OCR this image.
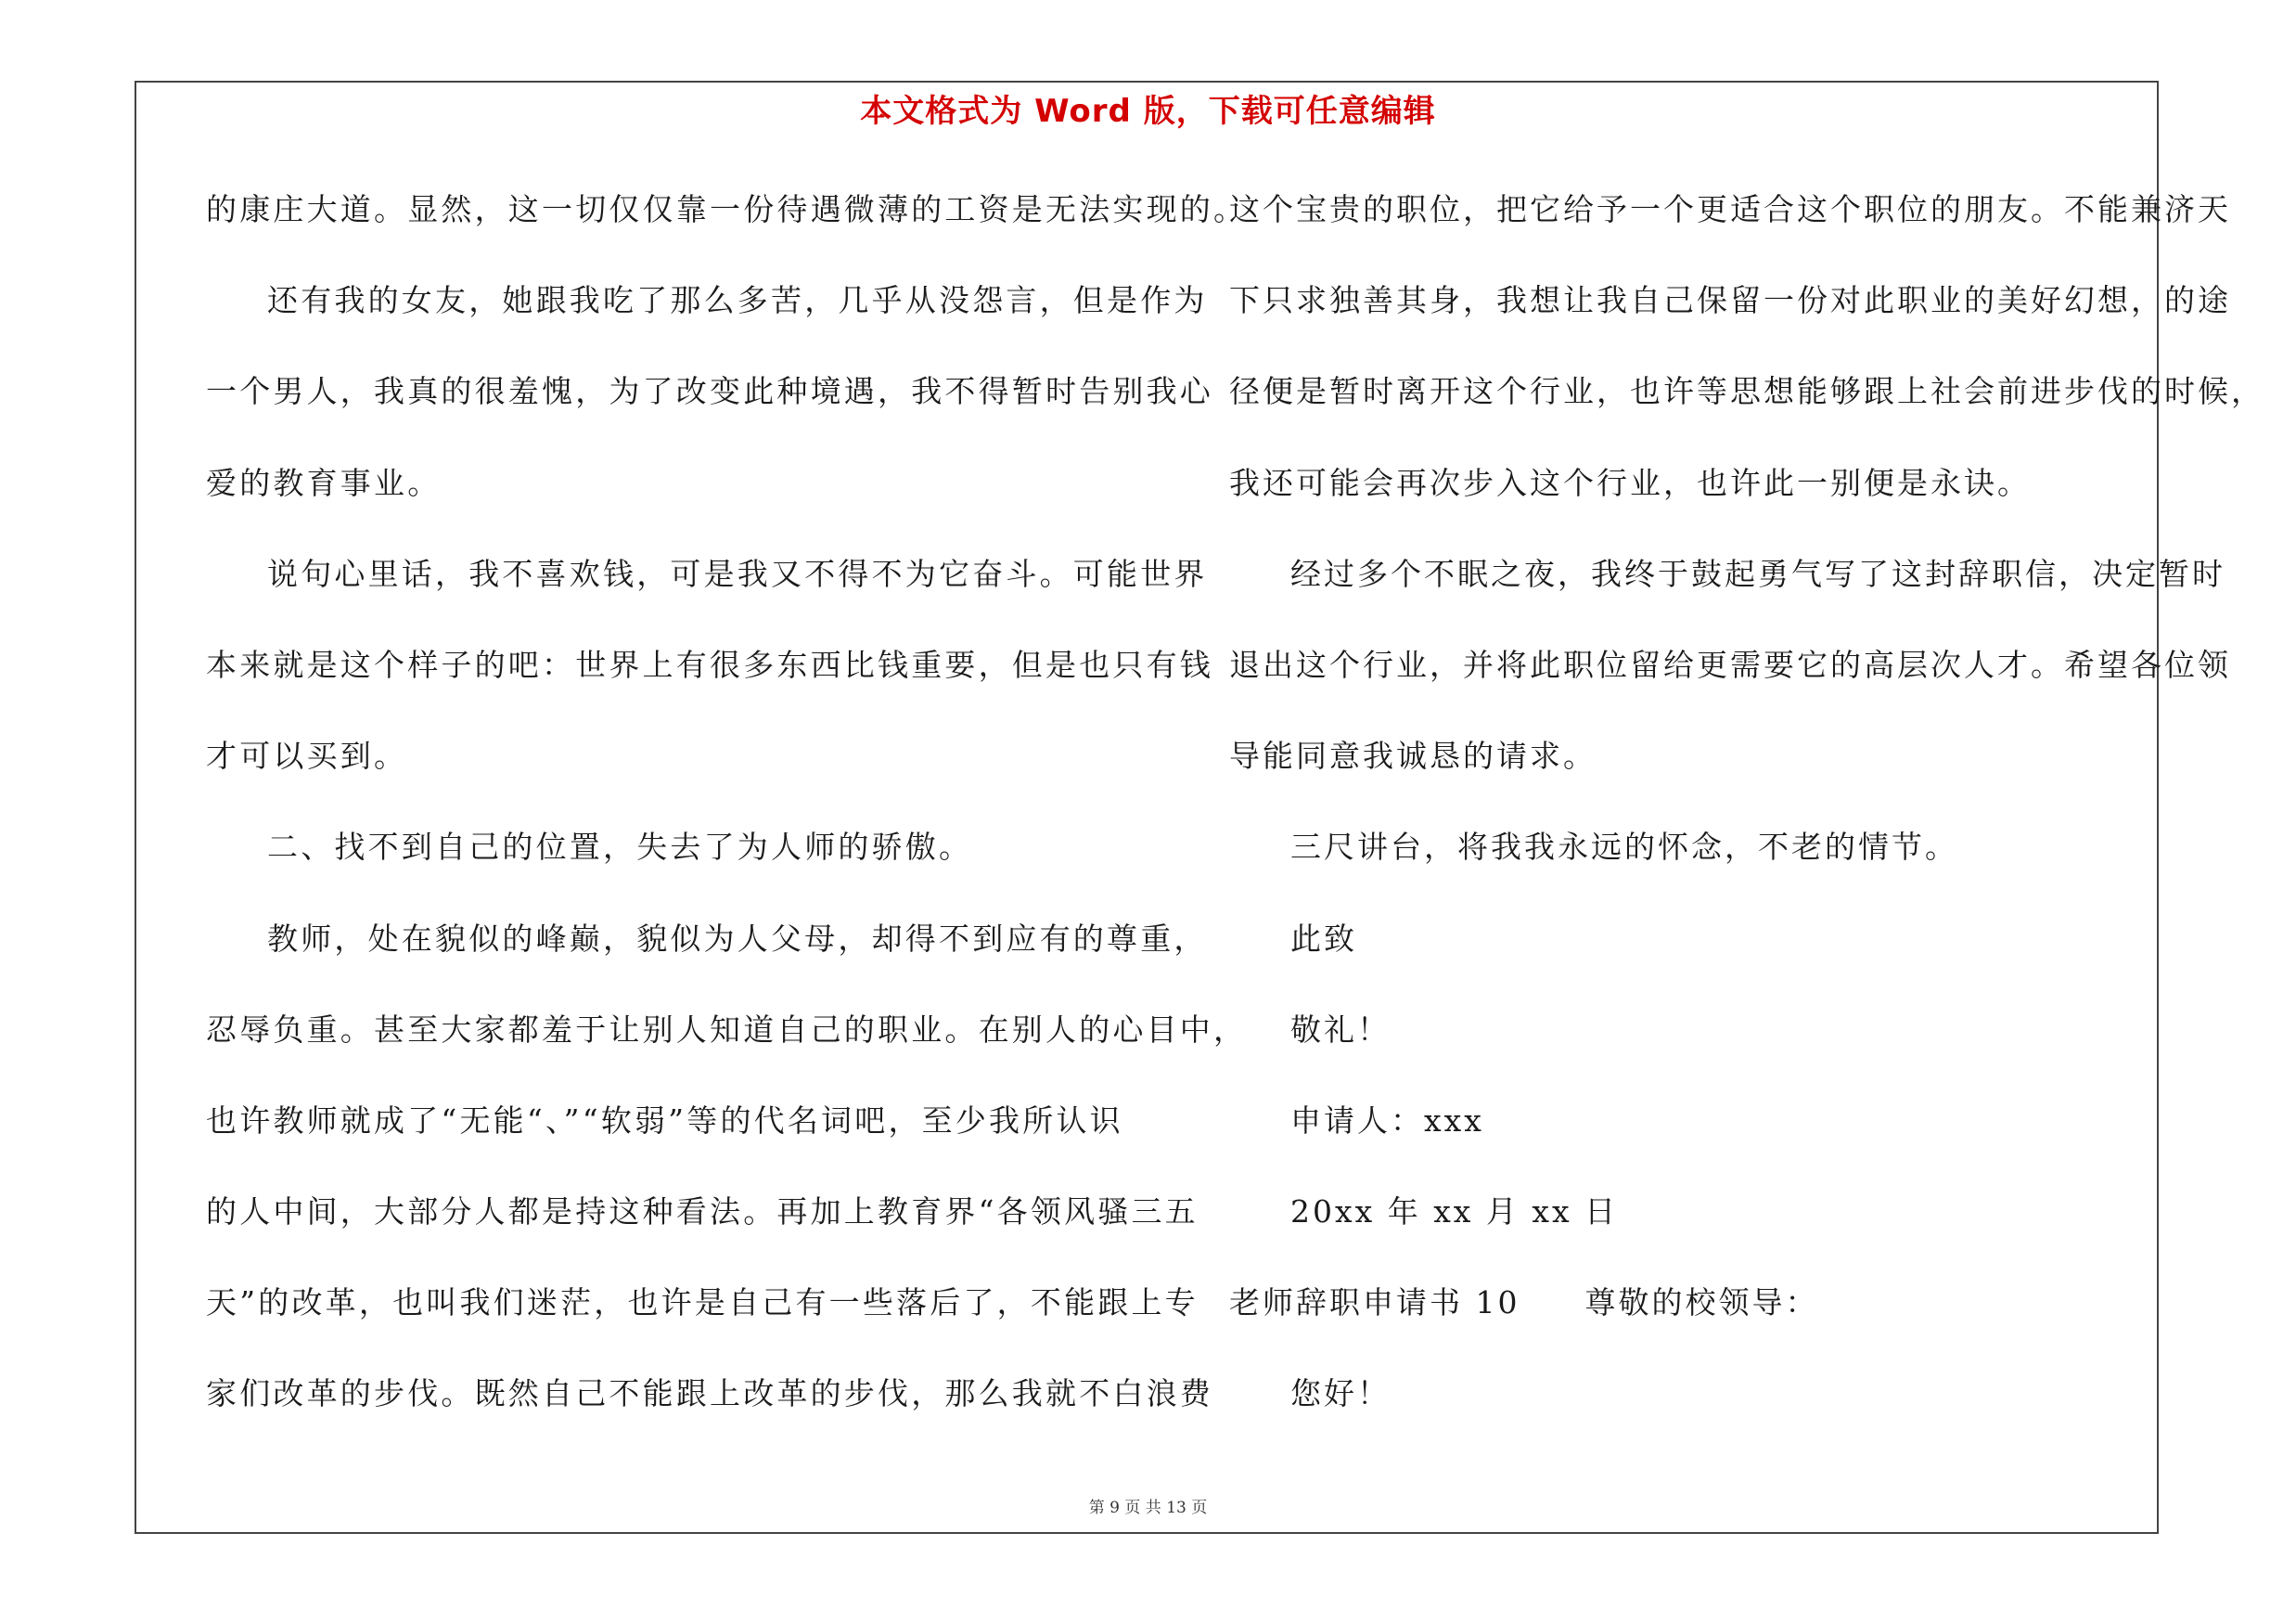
本文格式为 Word 版，下载可任意编辑
的康庄大道。显然，这一切仅仅靠一份待遇微薄的工资是无法实现的。
还有我的女友，她跟我吃了那么多苦，几乎从没怨言，但是作为
一个男人，我真的很羞愧，为了改变此种境遇，我不得暂时告别我心
爱的教育事业。
说句心里话，我不喜欢钱，可是我又不得不为它奋斗。可能世界
本来就是这个样子的吧：世界上有很多东西比钱重要，但是也只有钱
才可以买到。
二、找不到自己的位置，失去了为人师的骄傲。
教师，处在貌似的峰巅，貌似为人父母，却得不到应有的尊重，
忍辱负重。甚至大家都羞于让别人知道自己的职业。在别人的心目中，
也许教师就成了“无能“、”“软弱”等的代名词吧，至少我所认识
的人中间，大部分人都是持这种看法。再加上教育界“各领风骚三五
天”的改革，也叫我们迷茫，也许是自己有一些落后了，不能跟上专
家们改革的步伐。既然自己不能跟上改革的步伐，那么我就不白浪费
这个宝贵的职位，把它给予一个更适合这个职位的朋友。不能兼济天
下只求独善其身，我想让我自己保留一份对此职业的美好幻想，的途
径便是暂时离开这个行业，也许等思想能够跟上社会前进步伐的时候，
我还可能会再次步入这个行业，也许此一别便是永诀。
经过多个不眠之夜，我终于鼓起勇气写了这封辞职信，决定暂时
退出这个行业，并将此职位留给更需要它的高层次人才。希望各位领
导能同意我诚恳的请求。
三尺讲台，将我我永远的怀念，不老的情节。
此致
敬礼！
申请人：xxx
20xx 年 xx 月 xx 日
老师辞职申请书 10 尊敬的校领导：
您好！
第 9 页 共 13 页
